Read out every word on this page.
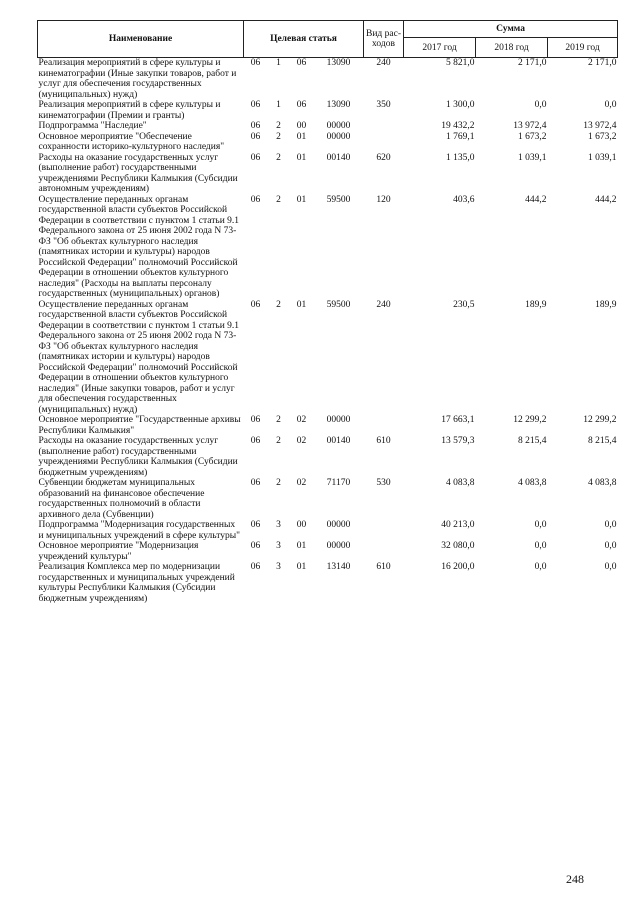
Наименование	Целевая статья				Вид рас-ходов	Сумма		
						2017 год	2018 год	2019 год
Реализация мероприятий в сфере культуры и кинематографии (Иные закупки товаров, работ и услуг для обеспечения государственных (муниципальных) нужд)	06	1	06	13090	240	5 821,0	2 171,0	2 171,0
Реализация мероприятий в сфере культуры и кинематографии (Премии и гранты)	06	1	06	13090	350	1 300,0	0,0	0,0
Подпрограмма "Наследие"	06	2	00	00000		19 432,2	13 972,4	13 972,4
Основное мероприятие "Обеспечение сохранности историко-культурного наследия"	06	2	01	00000		1 769,1	1 673,2	1 673,2
Расходы на оказание государственных услуг (выполнение работ) государственными учреждениями Республики Калмыкия (Субсидии автономным учреждениям)	06	2	01	00140	620	1 135,0	1 039,1	1 039,1
Осуществление переданных органам государственной власти субъектов Российской Федерации в соответствии с пунктом 1 статьи 9.1 Федерального закона от 25 июня 2002 года N 73-ФЗ "Об объектах культурного наследия (памятниках истории и культуры) народов Российской Федерации" полномочий Российской Федерации в отношении объектов культурного наследия" (Расходы на выплаты персоналу государственных (муниципальных) органов)	06	2	01	59500	120	403,6	444,2	444,2
Осуществление переданных органам государственной власти субъектов Российской Федерации в соответствии с пунктом 1 статьи 9.1 Федерального закона от 25 июня 2002 года N 73-ФЗ "Об объектах культурного наследия (памятниках истории и культуры) народов Российской Федерации" полномочий Российской Федерации в отношении объектов культурного наследия" (Иные закупки товаров, работ и услуг для обеспечения государственных (муниципальных) нужд)	06	2	01	59500	240	230,5	189,9	189,9
Основное мероприятие "Государственные архивы Республики Калмыкия"	06	2	02	00000		17 663,1	12 299,2	12 299,2
Расходы на оказание государственных услуг (выполнение работ) государственными учреждениями Республики Калмыкия (Субсидии бюджетным учреждениям)	06	2	02	00140	610	13 579,3	8 215,4	8 215,4
Субвенции бюджетам муниципальных образований на финансовое обеспечение государственных полномочий в области архивного дела (Субвенции)	06	2	02	71170	530	4 083,8	4 083,8	4 083,8
Подпрограмма "Модернизация государственных и муниципальных учреждений в сфере культуры"	06	3	00	00000		40 213,0	0,0	0,0
Основное мероприятие "Модернизация учреждений культуры"	06	3	01	00000		32 080,0	0,0	0,0
Реализация Комплекса мер по модернизации государственных и муниципальных учреждений культуры Республики Калмыкия (Субсидии бюджетным учреждениям)	06	3	01	13140	610	16 200,0	0,0	0,0
248
